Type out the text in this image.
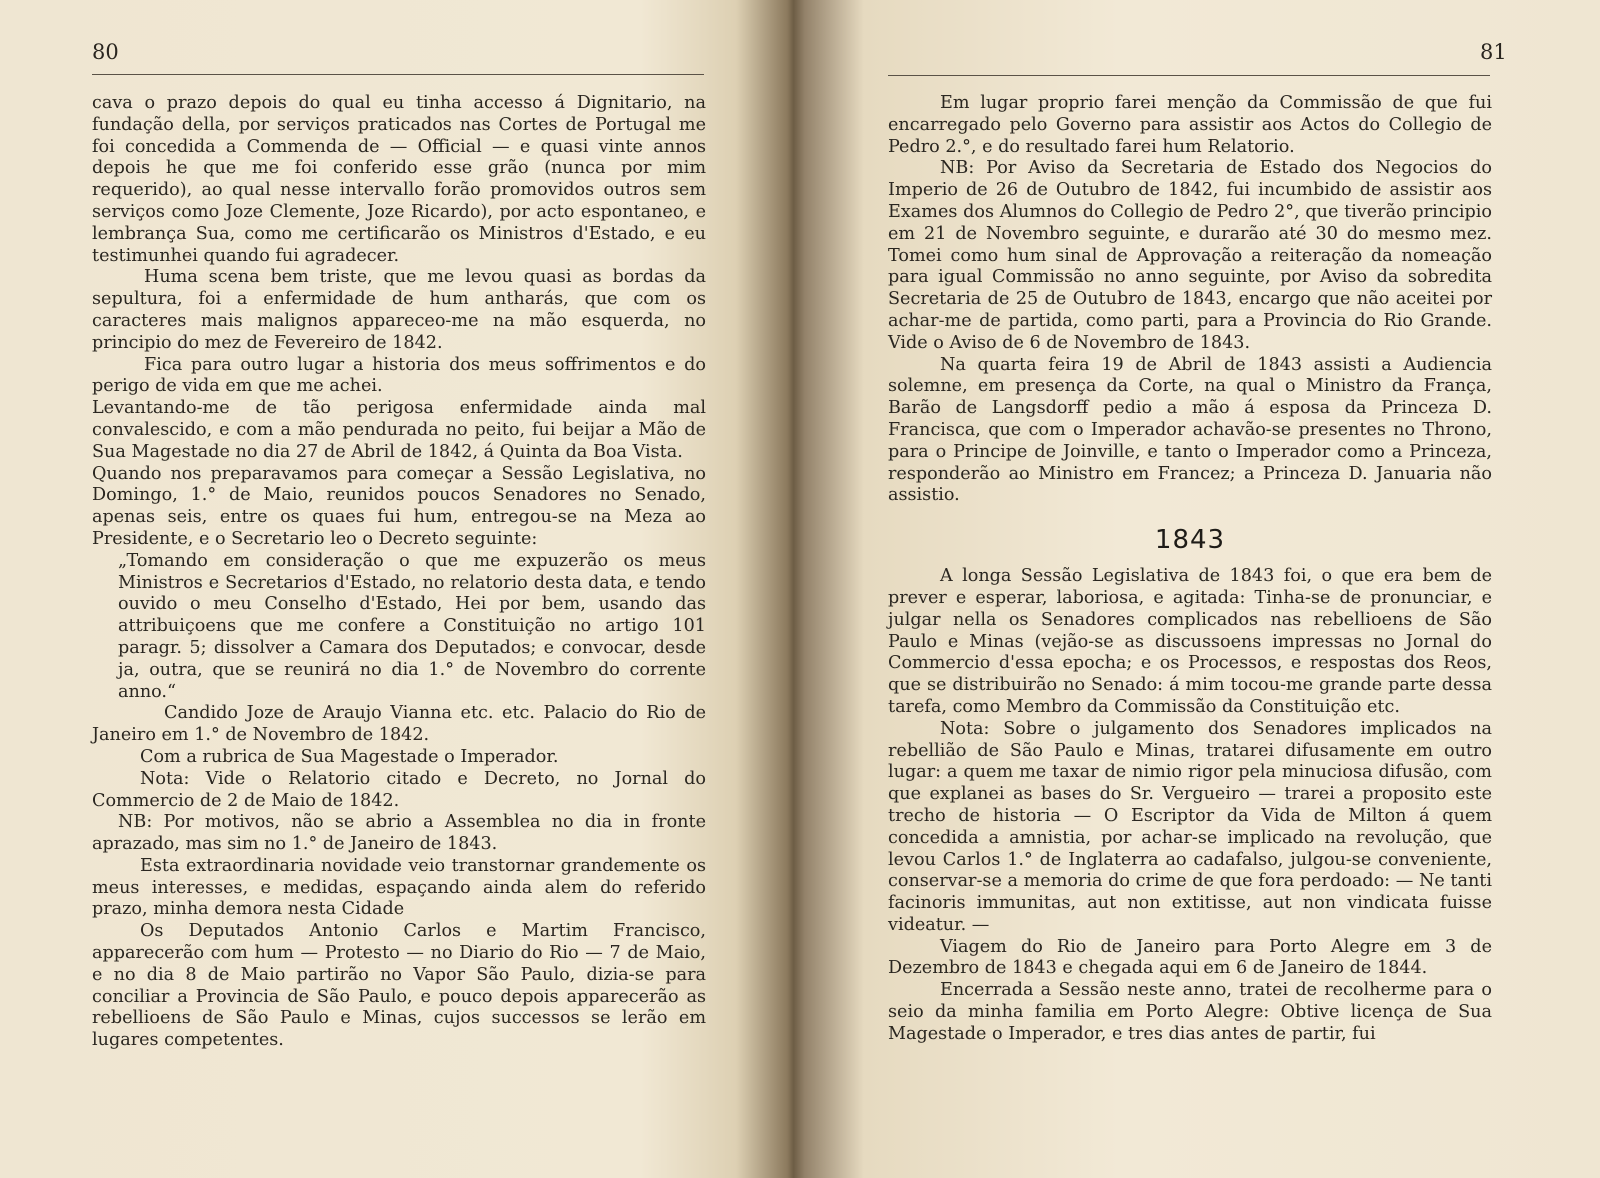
80

cava o prazo depois do qual eu tinha accesso á Dignitario, na fundação della, por serviços praticados nas Cortes de Portugal me foi concedida a Commenda de — Official — e quasi vinte annos depois he que me foi conferido esse grão (nunca por mim requerido), ao qual nesse intervallo forão promovidos outros sem serviços como Joze Clemente, Joze Ricardo), por acto espontaneo, e lembrança Sua, como me certificarão os Ministros d'Estado, e eu testimunhei quando fui agradecer.

Huma scena bem triste, que me levou quasi as bordas da sepultura, foi a enfermidade de hum antharás, que com os caracteres mais malignos appareceo-me na mão esquerda, no principio do mez de Fevereiro de 1842.

Fica para outro lugar a historia dos meus soffrimentos e do perigo de vida em que me achei.

Levantando-me de tão perigosa enfermidade ainda mal convalescido, e com a mão pendurada no peito, fui beijar a Mão de Sua Magestade no dia 27 de Abril de 1842, á Quinta da Boa Vista.

Quando nos preparavamos para começar a Sessão Legislativa, no Domingo, 1.° de Maio, reunidos poucos Senadores no Senado, apenas seis, entre os quaes fui hum, entregou-se na Meza ao Presidente, e o Secretario leo o Decreto seguinte:

„Tomando em consideração o que me expuzerão os meus Ministros e Secretarios d'Estado, no relatorio desta data, e tendo ouvido o meu Conselho d'Estado, Hei por bem, usando das attribuiçoens que me confere a Constituição no artigo 101 paragr. 5; dissolver a Camara dos Deputados; e convocar, desde ja, outra, que se reunirá no dia 1.° de Novembro do corrente anno.“

Candido Joze de Araujo Vianna etc. etc. Palacio do Rio de Janeiro em 1.° de Novembro de 1842.

Com a rubrica de Sua Magestade o Imperador.

Nota: Vide o Relatorio citado e Decreto, no Jornal do Commercio de 2 de Maio de 1842.

NB: Por motivos, não se abrio a Assemblea no dia in fronte aprazado, mas sim no 1.° de Janeiro de 1843.

Esta extraordinaria novidade veio transtornar grandemente os meus interesses, e medidas, espaçando ainda alem do referido prazo, minha demora nesta Cidade

Os Deputados Antonio Carlos e Martim Francisco, apparecerão com hum — Protesto — no Diario do Rio — 7 de Maio, e no dia 8 de Maio partirão no Vapor São Paulo, dizia-se para conciliar a Provincia de São Paulo, e pouco depois apparecerão as rebellioens de São Paulo e Minas, cujos successos se lerão em lugares competentes.

81

Em lugar proprio farei menção da Commissão de que fui encarregado pelo Governo para assistir aos Actos do Collegio de Pedro 2.°, e do resultado farei hum Relatorio.

NB: Por Aviso da Secretaria de Estado dos Negocios do Imperio de 26 de Outubro de 1842, fui incumbido de assistir aos Exames dos Alumnos do Collegio de Pedro 2°, que tiverão principio em 21 de Novembro seguinte, e durarão até 30 do mesmo mez. Tomei como hum sinal de Approvação a reiteração da nomeação para igual Commissão no anno seguinte, por Aviso da sobredita Secretaria de 25 de Outubro de 1843, encargo que não aceitei por achar-me de partida, como parti, para a Provincia do Rio Grande. Vide o Aviso de 6 de Novembro de 1843.

Na quarta feira 19 de Abril de 1843 assisti a Audiencia solemne, em presença da Corte, na qual o Ministro da França, Barão de Langsdorff pedio a mão á esposa da Princeza D. Francisca, que com o Imperador achavão-se presentes no Throno, para o Principe de Joinville, e tanto o Imperador como a Princeza, responderão ao Ministro em Francez; a Princeza D. Januaria não assistio.

1843

A longa Sessão Legislativa de 1843 foi, o que era bem de prever e esperar, laboriosa, e agitada: Tinha-se de pronunciar, e julgar nella os Senadores complicados nas rebellioens de São Paulo e Minas (vejão-se as discussoens impressas no Jornal do Commercio d'essa epocha; e os Processos, e respostas dos Reos, que se distribuirão no Senado: á mim tocou-me grande parte dessa tarefa, como Membro da Commissão da Constituição etc.

Nota: Sobre o julgamento dos Senadores implicados na rebellião de São Paulo e Minas, tratarei difusamente em outro lugar: a quem me taxar de nimio rigor pela minuciosa difusão, com que explanei as bases do Sr. Vergueiro — trarei a proposito este trecho de historia — O Escriptor da Vida de Milton á quem concedida a amnistia, por achar-se implicado na revolução, que levou Carlos 1.° de Inglaterra ao cadafalso, julgou-se conveniente, conservar-se a memoria do crime de que fora perdoado: — Ne tanti facinoris immunitas, aut non extitisse, aut non vindicata fuisse videatur. —

Viagem do Rio de Janeiro para Porto Alegre em 3 de Dezembro de 1843 e chegada aqui em 6 de Janeiro de 1844.

Encerrada a Sessão neste anno, tratei de recolherme para o seio da minha familia em Porto Alegre: Obtive licença de Sua Magestade o Imperador, e tres dias antes de partir, fui
